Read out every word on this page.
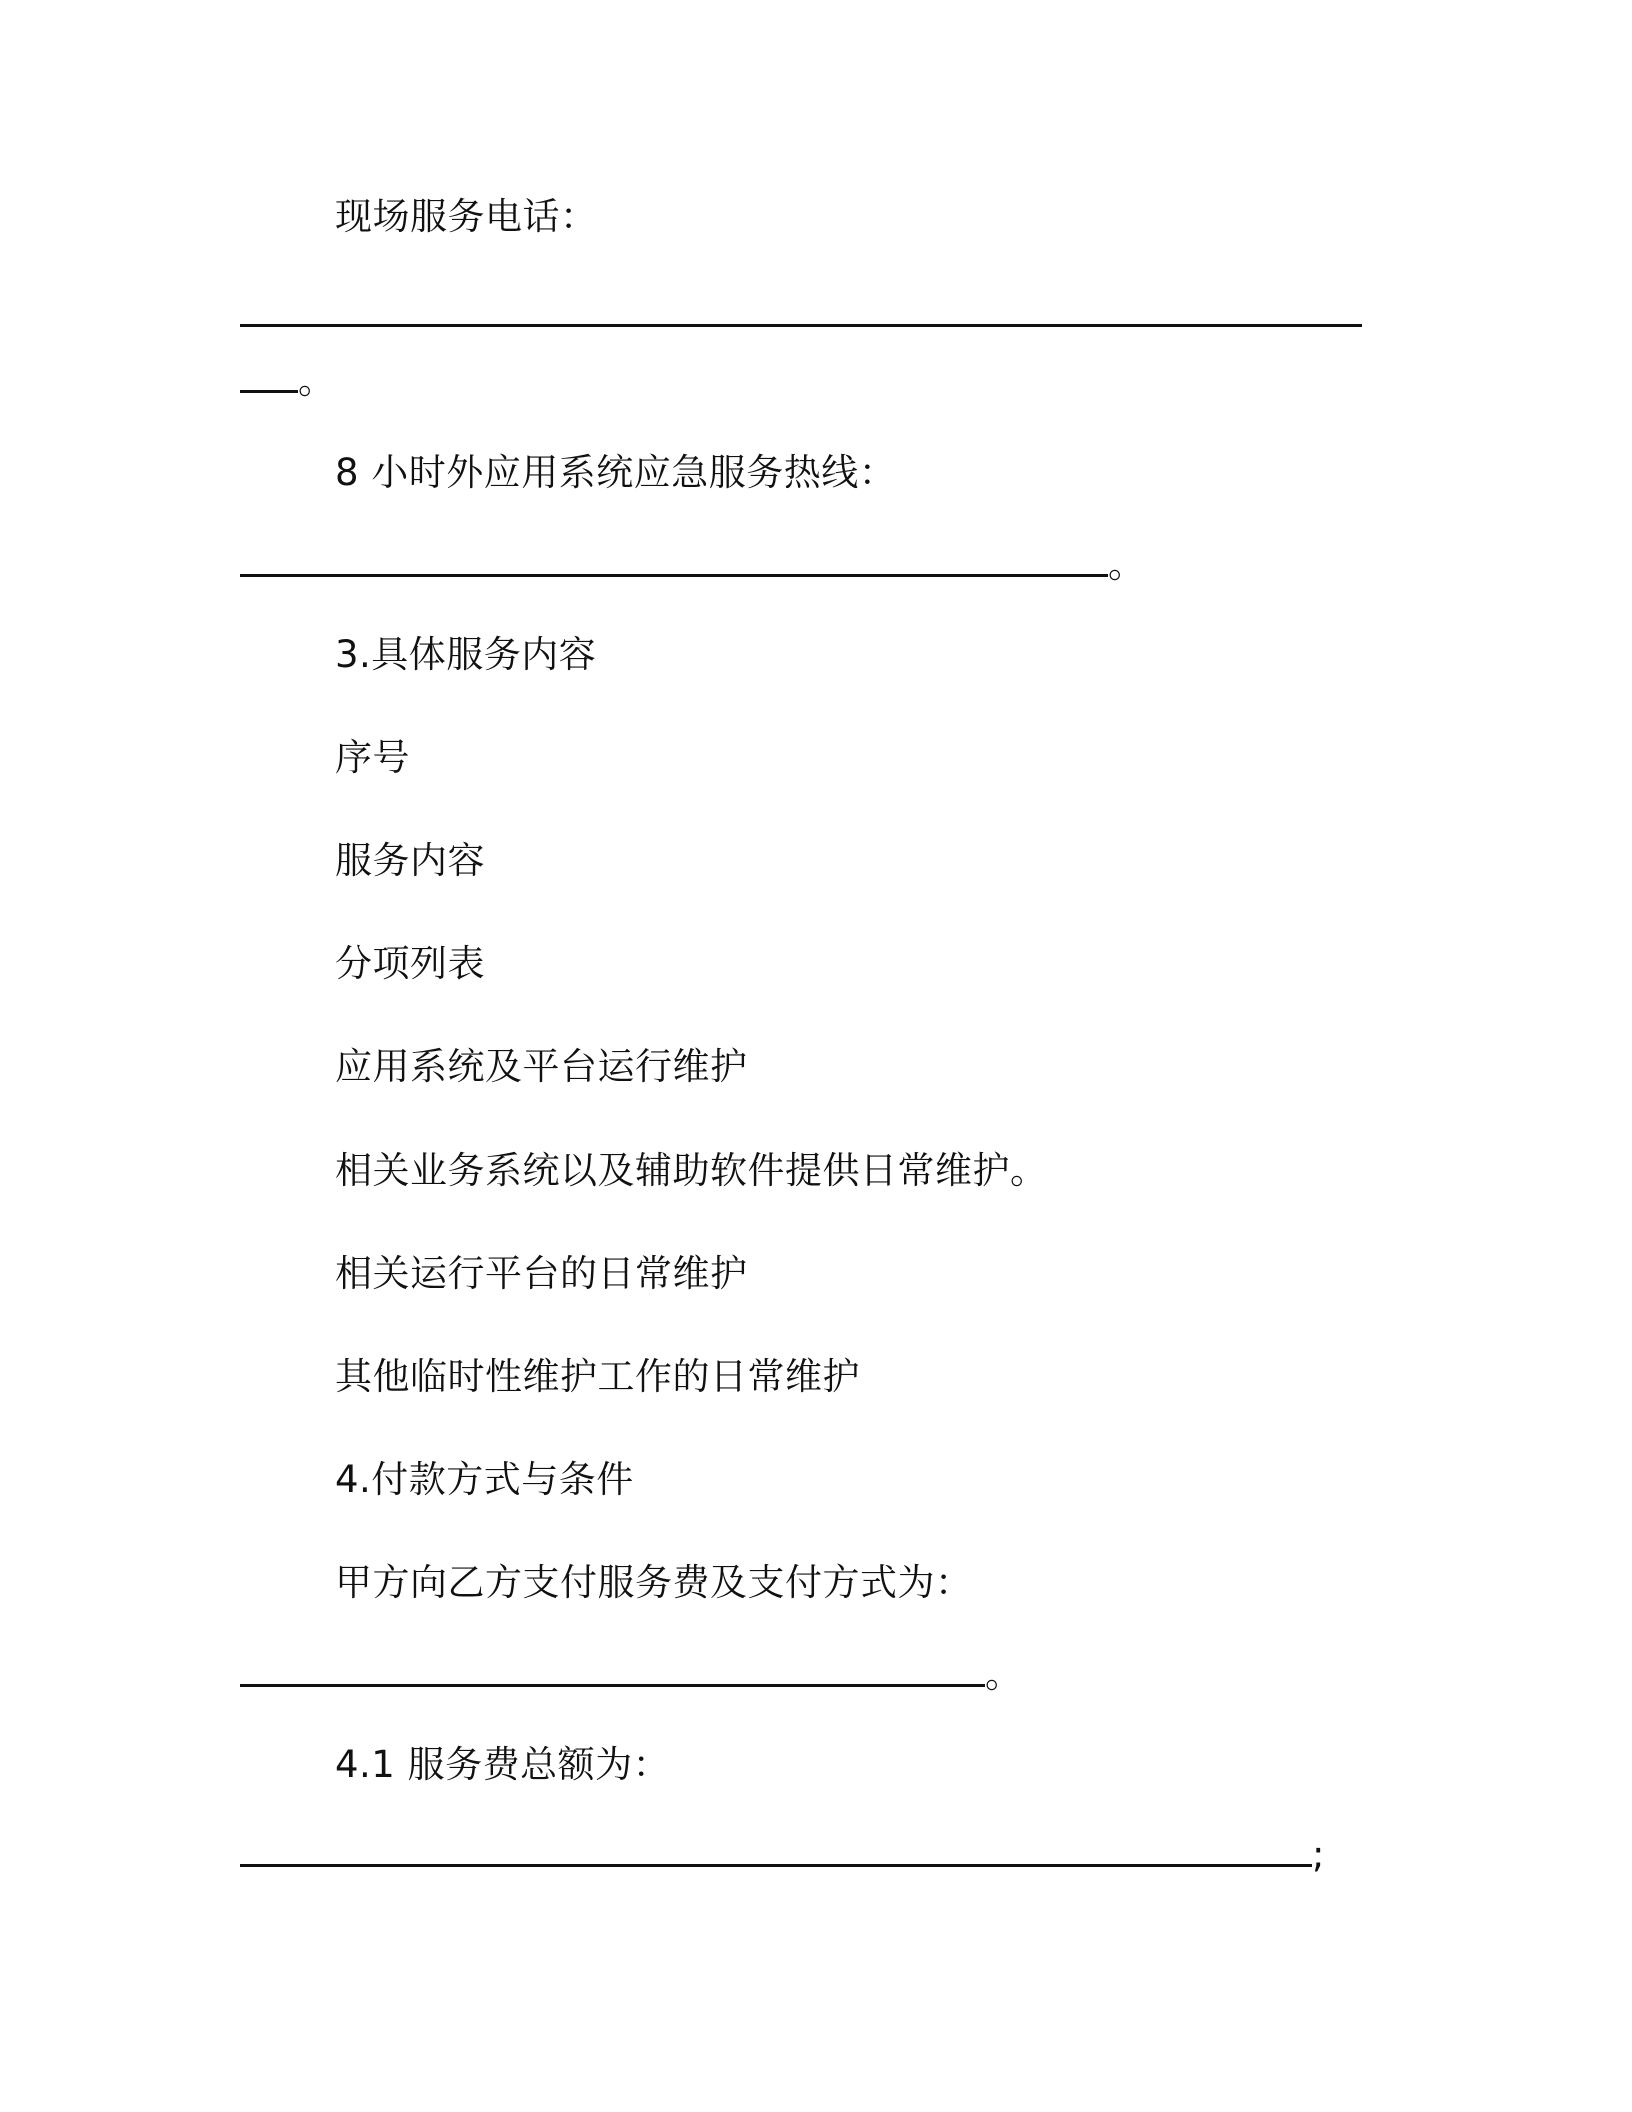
现场服务电话：
。
8 小时外应用系统应急服务热线：
。
3.具体服务内容
序号
服务内容
分项列表
应用系统及平台运行维护
相关业务系统以及辅助软件提供日常维护。
相关运行平台的日常维护
其他临时性维护工作的日常维护
4.付款方式与条件
甲方向乙方支付服务费及支付方式为：
。
4.1 服务费总额为：
;
